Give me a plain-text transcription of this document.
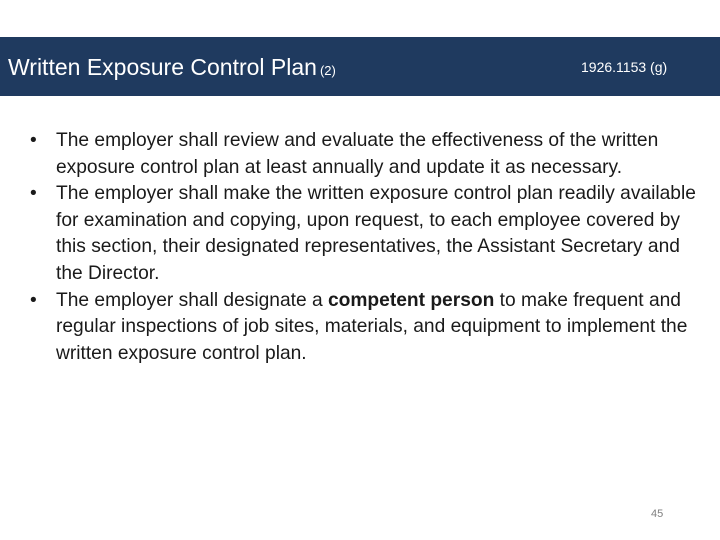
Written Exposure Control Plan (2)	1926.1153 (g)
•	The employer shall review and evaluate the effectiveness of the written exposure control plan at least annually and update it as necessary.
•	The employer shall make the written exposure control plan readily available for examination and copying, upon request, to each employee covered by this section, their designated representatives, the Assistant Secretary and the Director.
•	The employer shall designate a competent person to make frequent and regular inspections of job sites, materials, and equipment to implement the written exposure control plan.
45
